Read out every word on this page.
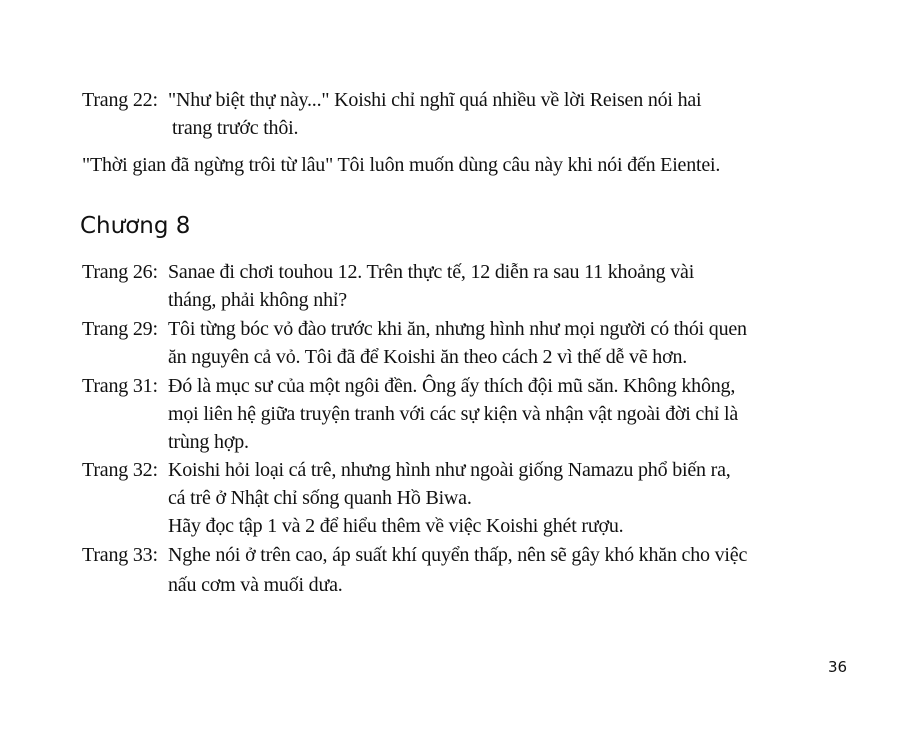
Trang 22: "Như biệt thự này..." Koishi chỉ nghĩ quá nhiều về lời Reisen nói hai
trang trước thôi.
"Thời gian đã ngừng trôi từ lâu" Tôi luôn muốn dùng câu này khi nói đến Eientei.
Chương 8
Trang 26: Sanae đi chơi touhou 12. Trên thực tế, 12 diễn ra sau 11 khoảng vài
tháng, phải không nhỉ?
Trang 29: Tôi từng bóc vỏ đào trước khi ăn, nhưng hình như mọi người có thói quen
ăn nguyên cả vỏ. Tôi đã để Koishi ăn theo cách 2 vì thế dễ vẽ hơn.
Trang 31: Đó là mục sư của một ngôi đền. Ông ấy thích đội mũ săn. Không không,
mọi liên hệ giữa truyện tranh với các sự kiện và nhận vật ngoài đời chỉ là
trùng hợp.
Trang 32: Koishi hỏi loại cá trê, nhưng hình như ngoài giống Namazu phổ biến ra,
cá trê ở Nhật chỉ sống quanh Hồ Biwa.
Hãy đọc tập 1 và 2 để hiểu thêm về việc Koishi ghét rượu.
Trang 33: Nghe nói ở trên cao, áp suất khí quyển thấp, nên sẽ gây khó khăn cho việc
nấu cơm và muối dưa.
36
